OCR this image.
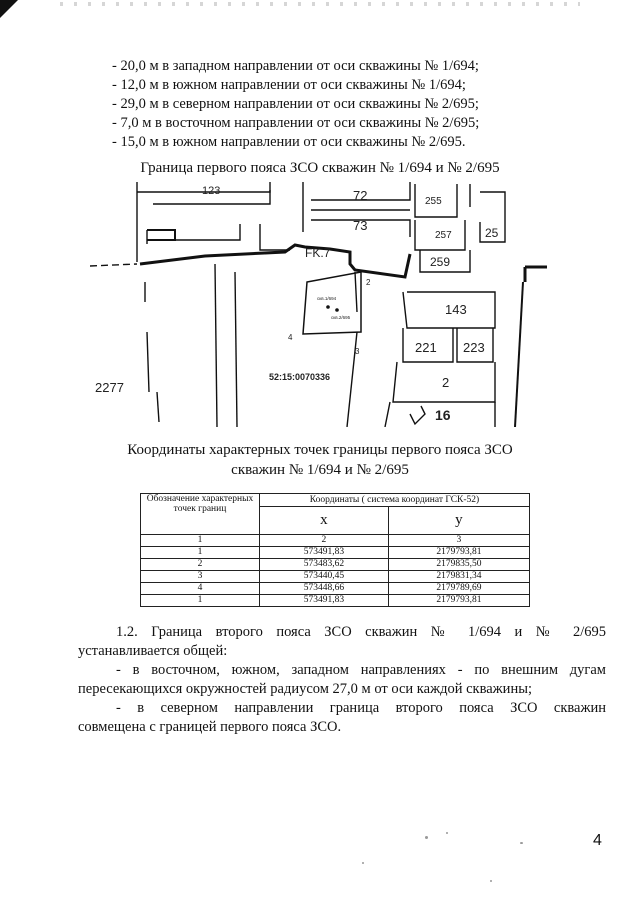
- 20,0 м в западном направлении от оси скважины № 1/694;
- 12,0 м в южном направлении от оси скважины № 1/694;
- 29,0 м в северном направлении от оси скважины № 2/695;
- 7,0 м в восточном направлении от оси скважины № 2/695;
- 15,0 м в южном направлении от оси скважины № 2/695.
Граница первого пояса ЗСО скважин № 1/694 и № 2/695
123	72	255
73
257	25
FK.7
259
143
221 223
2
16
2277
2
3
4
скв.1/694
скв.2/695
52:15:0070336
Координаты характерных точек границы первого пояса ЗСО
скважин № 1/694 и № 2/695
Обозначение характерных точек границ	Координаты ( система координат ГСК-52)	
	x	y
1	2	3
1	573491,83	2179793,81
2	573483,62	2179835,50
3	573440,45	2179831,34
4	573448,66	2179789,69
1	573491,83	2179793,81
1.2. Граница второго пояса ЗСО скважин № 1/694 и № 2/695
устанавливается общей:
- в восточном, южном, западном направлениях - по внешним дугам
пересекающихся окружностей радиусом 27,0 м от оси каждой скважины;
- в северном направлении граница второго пояса ЗСО скважин
совмещена с границей первого пояса ЗСО.
4
